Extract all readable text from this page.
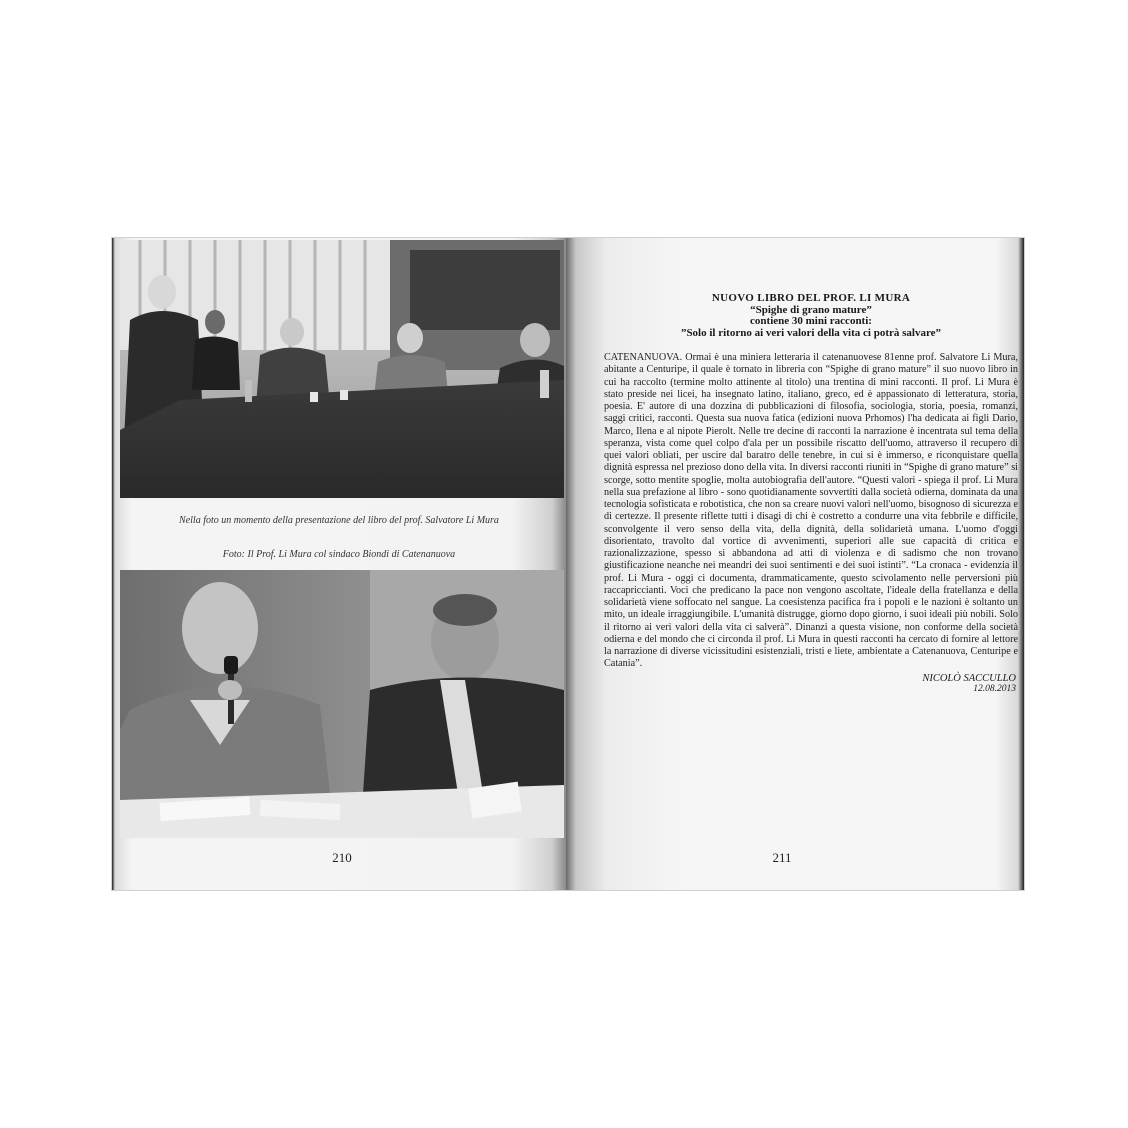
Nella foto un momento della presentazione del libro del prof. Salvatore Li Mura
Foto: Il Prof. Li Mura col sindaco Biondi di Catenanuova
210
NUOVO LIBRO DEL PROF. LI MURA
“Spighe di grano mature”
contiene 30 mini racconti:
”Solo il ritorno ai veri valori della vita ci potrà salvare”
CATENANUOVA. Ormai è una miniera letteraria il catenanuovese 81enne prof. Salvatore Li Mura, abitante a Centuripe, il quale è tornato in libreria con “Spighe di grano mature” il suo nuovo libro in cui ha raccolto (termine molto attinente al titolo) una trentina di mini racconti. Il prof. Li Mura è stato preside nei licei, ha insegnato latino, italiano, greco, ed è appassionato di letteratura, storia, poesia. E' autore di una dozzina di pubblicazioni di filosofia, sociologia, storia, poesia, romanzi, saggi critici, racconti. Questa sua nuova fatica (edizioni nuova Prhomos) l'ha dedicata ai figli Dario, Marco, Ilena e al nipote Pierolt. Nelle tre decine di racconti la narrazione è incentrata sul tema della speranza, vista come quel colpo d'ala per un possibile riscatto dell'uomo, attraverso il recupero di quei valori obliati, per uscire dal baratro delle tenebre, in cui si è immerso, e riconquistare quella dignità espressa nel prezioso dono della vita. In diversi racconti riuniti in “Spighe di grano mature” si scorge, sotto mentite spoglie, molta autobiografia dell'autore. “Questi valori - spiega il prof. Li Mura nella sua prefazione al libro - sono quotidianamente sovvertiti dalla società odierna, dominata da una tecnologia sofisticata e robotistica, che non sa creare nuovi valori nell'uomo, bisognoso di sicurezza e di certezze. Il presente riflette tutti i disagi di chi è costretto a condurre una vita febbrile e difficile, sconvolgente il vero senso della vita, della dignità, della solidarietà umana. L'uomo d'oggi disorientato, travolto dal vortice di avvenimenti, superiori alle sue capacità di critica e razionalizzazione, spesso si abbandona ad atti di violenza e di sadismo che non trovano giustificazione neanche nei meandri dei suoi sentimenti e dei suoi istinti”. “La cronaca - evidenzia il prof. Li Mura - oggi ci documenta, drammaticamente, questo scivolamento nelle perversioni più raccapriccianti. Voci che predicano la pace non vengono ascoltate, l'ideale della fratellanza e della solidarietà viene soffocato nel sangue. La coesistenza pacifica fra i popoli e le nazioni è soltanto un mito, un ideale irraggiungibile. L'umanità distrugge, giorno dopo giorno, i suoi ideali più nobili. Solo il ritorno ai veri valori della vita ci salverà”. Dinanzi a questa visione, non conforme della società odierna e del mondo che ci circonda il prof. Li Mura in questi racconti ha cercato di fornire al lettore la narrazione di diverse vicissitudini esistenziali, tristi e liete, ambientate a Catenanuova, Centuripe e Catania”.
NICOLÒ SACCULLO
12.08.2013
211
